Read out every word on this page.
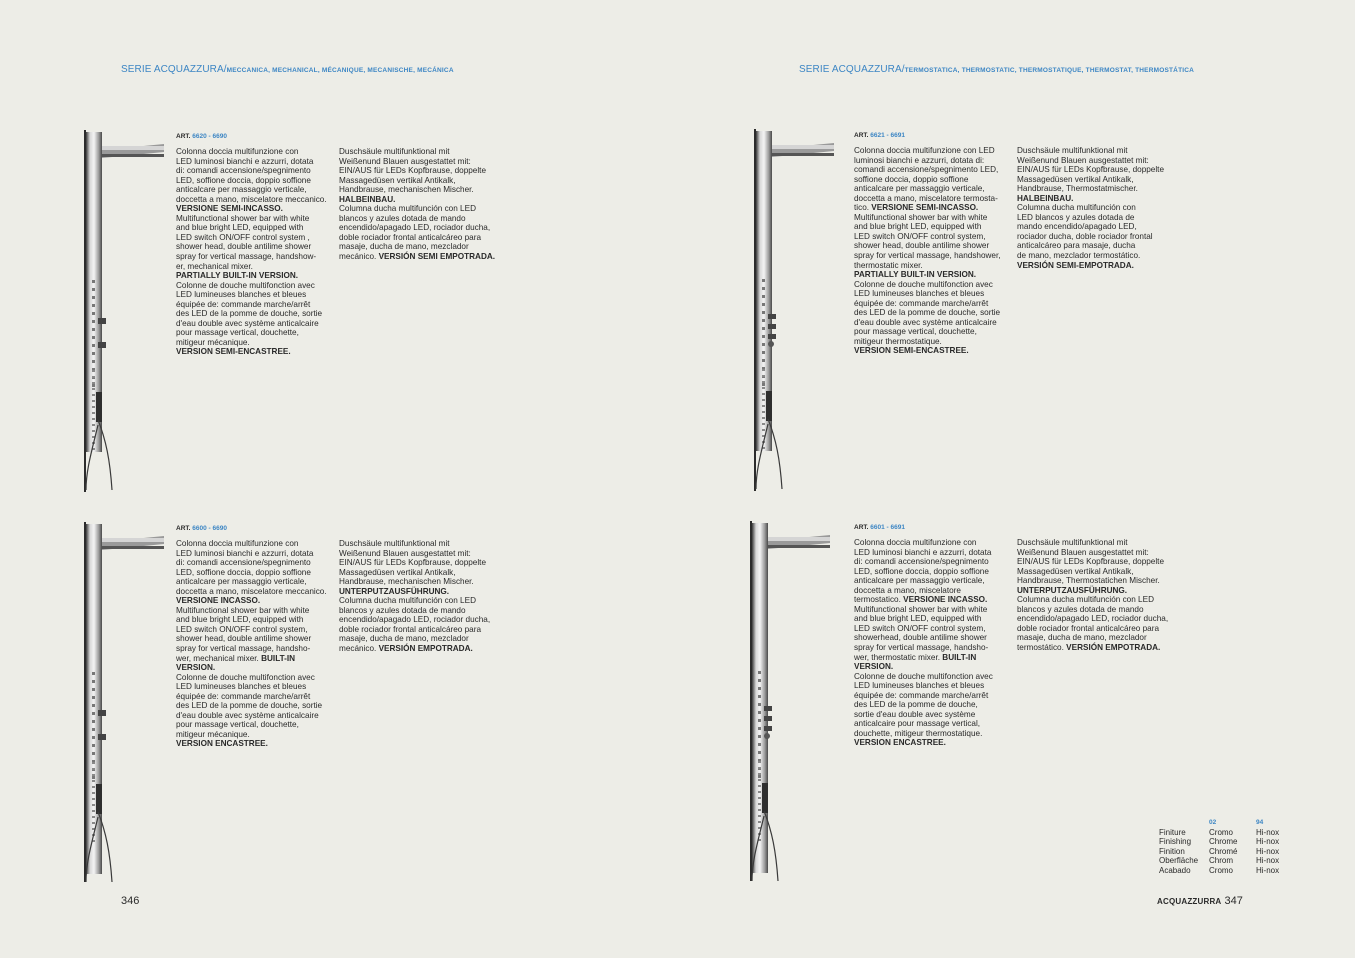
SERIE ACQUAZZURA/MECCANICA, MECHANICAL, MÉCANIQUE, MECANISCHE, MECÁNICA
ART. 6620 - 6690
Colonna doccia multifunzione con
LED luminosi bianchi e azzurri, dotata
di: comandi accensione/spegnimento
LED, soffione doccia, doppio soffione
anticalcare per massaggio verticale,
doccetta a mano, miscelatore meccanico.
VERSIONE SEMI-INCASSO.
Multifunctional shower bar with white
and blue bright LED, equipped with
LED switch ON/OFF control system ,
shower head, double antilime shower
spray for vertical massage, handshow-
er, mechanical mixer.
PARTIALLY BUILT-IN VERSION.
Colonne de douche multifonction avec
LED lumineuses blanches et bleues
équipée de: commande marche/arrêt
des LED de la pomme de douche, sortie
d'eau double avec système anticalcaire
pour massage vertical, douchette,
mitigeur mécanique.
VERSION SEMI-ENCASTREE.
Duschsäule multifunktional mit
Weißenund Blauen ausgestattet mit:
EIN/AUS für LEDs Kopfbrause, doppelte
Massagedüsen vertikal Antikalk,
Handbrause, mechanischen Mischer.
HALBEINBAU.
Columna ducha multifunción con LED
blancos y azules dotada de mando
encendido/apagado LED, rociador ducha,
doble rociador frontal anticalcáreo para
masaje, ducha de mano, mezclador
mecánico. VERSIÓN SEMI EMPOTRADA.
ART. 6600 - 6690
Colonna doccia multifunzione con
LED luminosi bianchi e azzurri, dotata
di: comandi accensione/spegnimento
LED, soffione doccia, doppio soffione
anticalcare per massaggio verticale,
doccetta a mano, miscelatore meccanico.
VERSIONE INCASSO.
Multifunctional shower bar with white
and blue bright LED, equipped with
LED switch ON/OFF control system,
shower head, double antilime shower
spray for vertical massage, handsho-
wer, mechanical mixer. BUILT-IN
VERSION.
Colonne de douche multifonction avec
LED lumineuses blanches et bleues
équipée de: commande marche/arrêt
des LED de la pomme de douche, sortie
d'eau double avec système anticalcaire
pour massage vertical, douchette,
mitigeur mécanique.
VERSION ENCASTREE.
Duschsäule multifunktional mit
Weißenund Blauen ausgestattet mit:
EIN/AUS für LEDs Kopfbrause, doppelte
Massagedüsen vertikal Antikalk,
Handbrause, mechanischen Mischer.
UNTERPUTZAUSFÜHRUNG.
Columna ducha multifunción con LED
blancos y azules dotada de mando
encendido/apagado LED, rociador ducha,
doble rociador frontal anticalcáreo para
masaje, ducha de mano, mezclador
mecánico. VERSIÓN EMPOTRADA.
346
SERIE ACQUAZZURA/TERMOSTATICA, THERMOSTATIC, THERMOSTATIQUE, THERMOSTAT, THERMOSTÁTICA
ART. 6621 - 6691
Colonna doccia multifunzione con LED
luminosi bianchi e azzurri, dotata di:
comandi accensione/spegnimento LED,
soffione doccia, doppio soffione
anticalcare per massaggio verticale,
doccetta a mano, miscelatore termosta-
tico. VERSIONE SEMI-INCASSO.
Multifunctional shower bar with white
and blue bright LED, equipped with
LED switch ON/OFF control system,
shower head, double antilime shower
spray for vertical massage, handshower,
thermostatic mixer.
PARTIALLY BUILT-IN VERSION.
Colonne de douche multifonction avec
LED lumineuses blanches et bleues
équipée de: commande marche/arrêt
des LED de la pomme de douche, sortie
d'eau double avec système anticalcaire
pour massage vertical, douchette,
mitigeur thermostatique.
VERSION SEMI-ENCASTREE.
Duschsäule multifunktional mit
Weißenund Blauen ausgestattet mit:
EIN/AUS für LEDs Kopfbrause, doppelte
Massagedüsen vertikal Antikalk,
Handbrause, Thermostatmischer.
HALBEINBAU.
Columna ducha multifunción con
LED blancos y azules dotada de
mando encendido/apagado LED,
rociador ducha, doble rociador frontal
anticalcáreo para masaje, ducha
de mano, mezclador termostático.
VERSIÓN SEMI-EMPOTRADA.
ART. 6601 - 6691
Colonna doccia multifunzione con
LED luminosi bianchi e azzurri, dotata
di: comandi accensione/spegnimento
LED, soffione doccia, doppio soffione
anticalcare per massaggio verticale,
doccetta a mano, miscelatore
termostatico. VERSIONE INCASSO.
Multifunctional shower bar with white
and blue bright LED, equipped with
LED switch ON/OFF control system,
showerhead, double antilime shower
spray for vertical massage, handsho-
wer, thermostatic mixer. BUILT-IN
VERSION.
Colonne de douche multifonction avec
LED lumineuses blanches et bleues
équipée de: commande marche/arrêt
des LED de la pomme de douche,
sortie d'eau double avec système
anticalcaire pour massage vertical,
douchette, mitigeur thermostatique.
VERSION ENCASTREE.
Duschsäule multifunktional mit
Weißenund Blauen ausgestattet mit:
EIN/AUS für LEDs Kopfbrause, doppelte
Massagedüsen vertikal Antikalk,
Handbrause, Thermostatichen Mischer.
UNTERPUTZAUSFÜHRUNG.
Columna ducha multifunción con LED
blancos y azules dotada de mando
encendido/apagado LED, rociador ducha,
doble rociador frontal anticalcáreo para
masaje, ducha de mano, mezclador
termostático. VERSIÓN EMPOTRADA.
	02	94
Finiture	Cromo	Hi-nox
Finishing	Chrome	Hi-nox
Finition	Chromé	Hi-nox
Oberfläche	Chrom	Hi-nox
Acabado	Cromo	Hi-nox
ACQUAZZURRA 347
